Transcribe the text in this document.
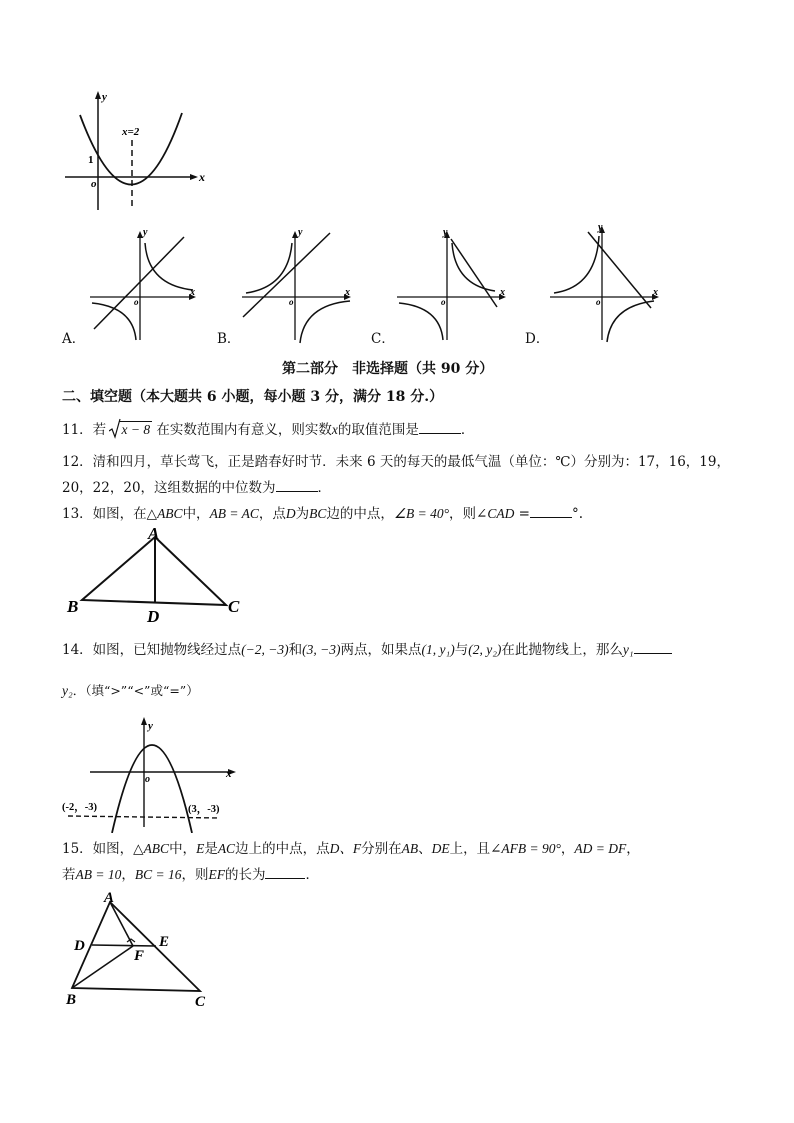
x
y
x=2
1
o
x
y
o
A．
x
y
o
B．
x
y
o
C．
x
y
o
D．
第二部分　非选择题（共 90 分）
二、填空题（本大题共 6 小题，每小题 3 分，满分 18 分.）
11．若 x − 8 在实数范围内有意义，则实数x的取值范围是	．
12．清和四月，草长莺飞，正是踏春好时节．未来 6 天的每天的最低气温（单位：℃）分别为：17，16，19，
20，22，20，这组数据的中位数为	．
13．如图，在△ABC中，AB = AC，点D为BC边的中点，∠B = 40°，则∠CAD =	°.
A
B	C
D
14．如图，已知抛物线经过点(−2, −3)和(3, −3)两点，如果点(1, y₁)与(2, y₂)在此抛物线上，那么y₁
y₂．（填“>”“<”或“=”）
x
y
o
(-2，-3)	(3，-3)
15．如图，△ABC中，E是AC边上的中点，点D、F分别在AB、DE上，且∠AFB = 90°，AD = DF，
若AB = 10，BC = 16，则EF的长为	．
A
D	E
F
B	C
